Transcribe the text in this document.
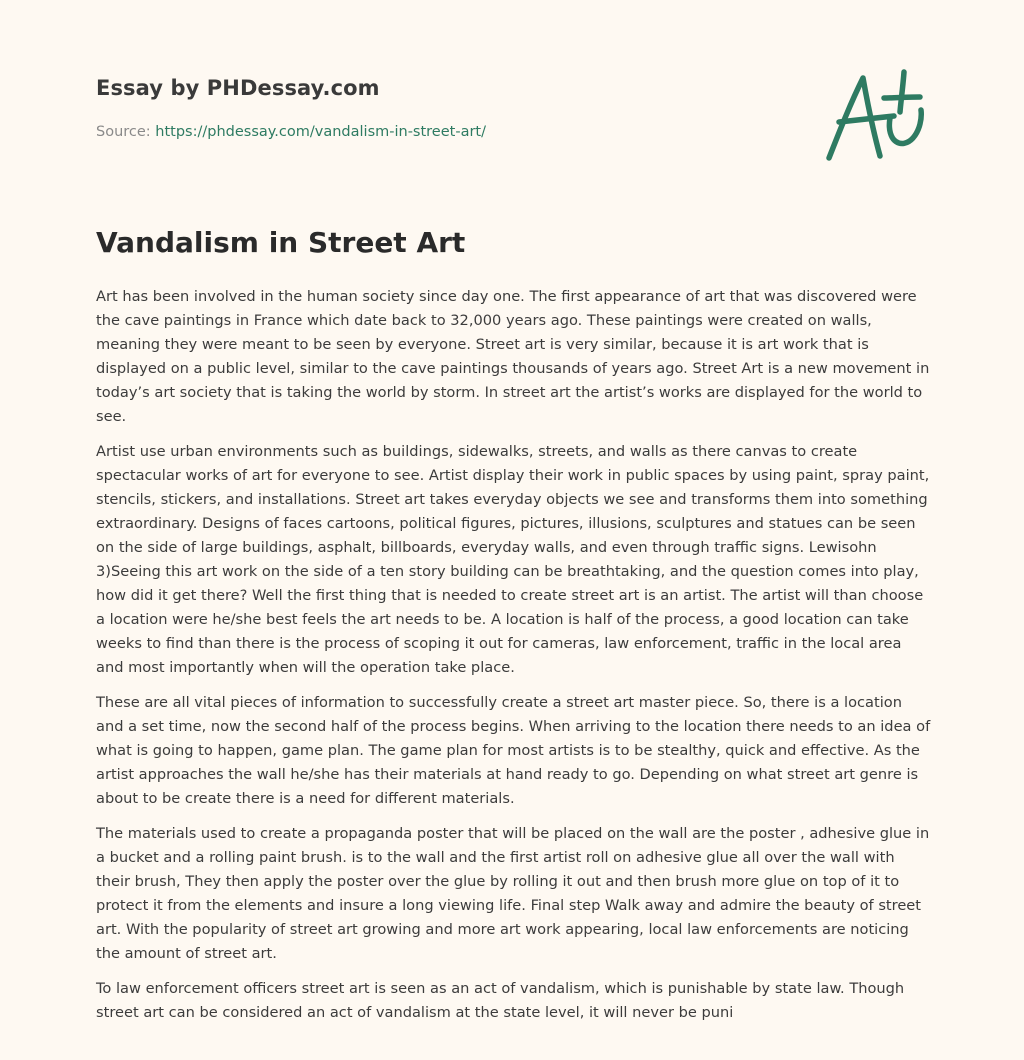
Essay by PHDessay.com
Source: https://phdessay.com/vandalism-in-street-art/
Vandalism in Street Art

Art has been involved in the human society since day one. The first appearance of art that was discovered were the cave paintings in France which date back to 32,000 years ago. These paintings were created on walls, meaning they were meant to be seen by everyone. Street art is very similar, because it is art work that is displayed on a public level, similar to the cave paintings thousands of years ago. Street Art is a new movement in today’s art society that is taking the world by storm. In street art the artist’s works are displayed for the world to see.

Artist use urban environments such as buildings, sidewalks, streets, and walls as there canvas to create spectacular works of art for everyone to see. Artist display their work in public spaces by using paint, spray paint, stencils, stickers, and installations. Street art takes everyday objects we see and transforms them into something extraordinary. Designs of faces cartoons, political figures, pictures, illusions, sculptures and statues can be seen on the side of large buildings, asphalt, billboards, everyday walls, and even through traffic signs. Lewisohn 3)Seeing this art work on the side of a ten story building can be breathtaking, and the question comes into play, how did it get there? Well the first thing that is needed to create street art is an artist. The artist will than choose a location were he/she best feels the art needs to be. A location is half of the process, a good location can take weeks to find than there is the process of scoping it out for cameras, law enforcement, traffic in the local area and most importantly when will the operation take place.

These are all vital pieces of information to successfully create a street art master piece. So, there is a location and a set time, now the second half of the process begins. When arriving to the location there needs to an idea of what is going to happen, game plan. The game plan for most artists is to be stealthy, quick and effective. As the artist approaches the wall he/she has their materials at hand ready to go. Depending on what street art genre is about to be create there is a need for different materials.

The materials used to create a propaganda poster that will be placed on the wall are the poster , adhesive glue in a bucket and a rolling paint brush. is to the wall and the first artist roll on adhesive glue all over the wall with their brush, They then apply the poster over the glue by rolling it out and then brush more glue on top of it to protect it from the elements and insure a long viewing life. Final step Walk away and admire the beauty of street art. With the popularity of street art growing and more art work appearing, local law enforcements are noticing the amount of street art.

To law enforcement officers street art is seen as an act of vandalism, which is punishable by state law. Though street art can be considered an act of vandalism at the state level, it will never be puni
